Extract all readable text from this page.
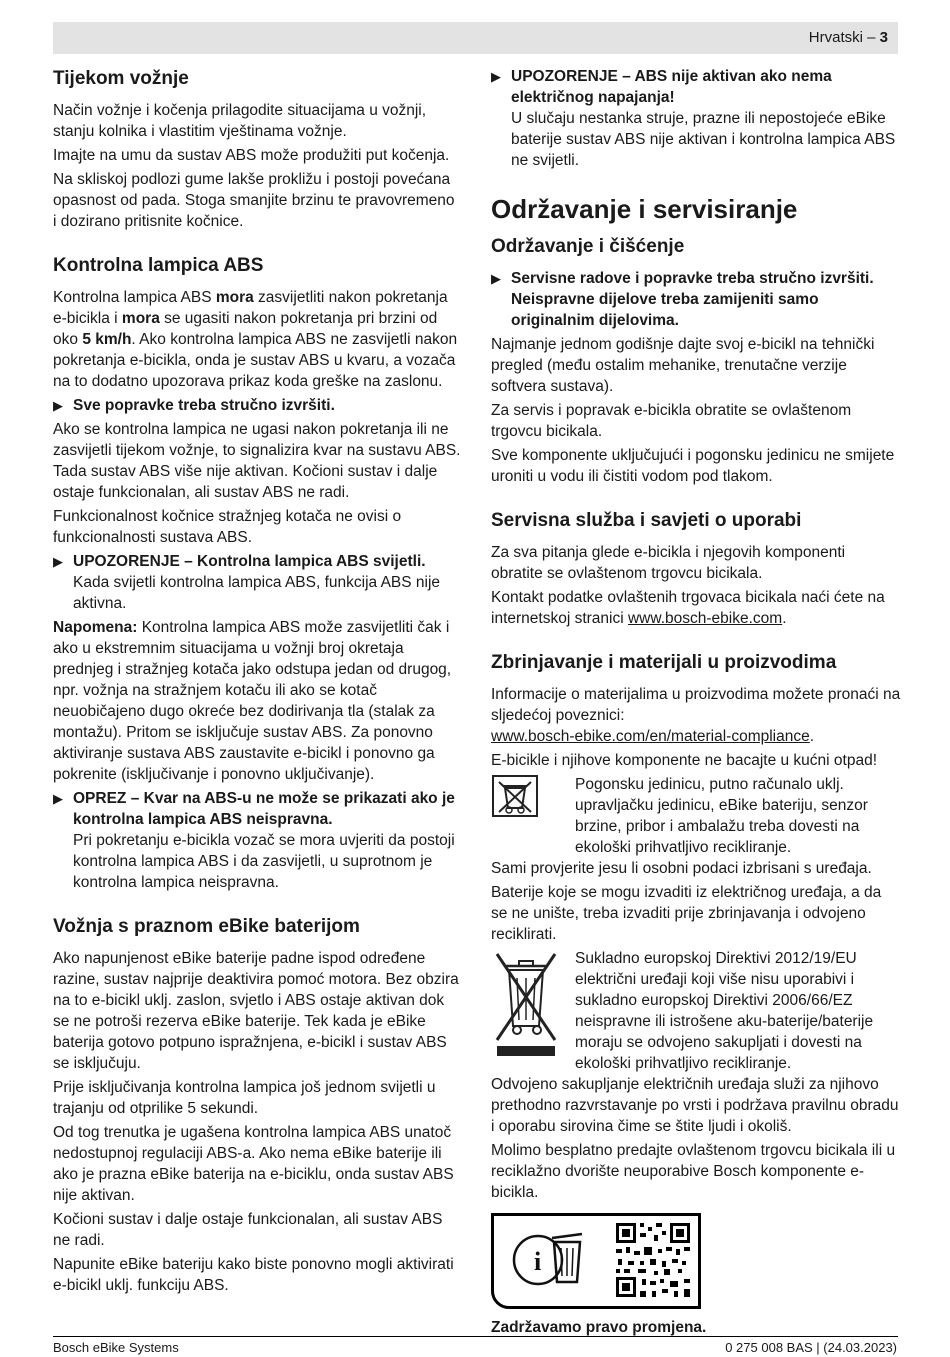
Hrvatski – 3
Tijekom vožnje

Način vožnje i kočenja prilagodite situacijama u vožnji, stanju kolnika i vlastitim vještinama vožnje.

Imajte na umu da sustav ABS može produžiti put kočenja.

Na skliskoj podlozi gume lakše prokližu i postoji povećana opasnost od pada. Stoga smanjite brzinu te pravovremeno i dozirano pritisnite kočnice.

Kontrolna lampica ABS

Kontrolna lampica ABS mora zasvijetliti nakon pokretanja e-bicikla i mora se ugasiti nakon pokretanja pri brzini od oko 5 km/h. Ako kontrolna lampica ABS ne zasvijetli nakon pokretanja e-bicikla, onda je sustav ABS u kvaru, a vozača na to dodatno upozorava prikaz koda greške na zaslonu.

▶ Sve popravke treba stručno izvršiti.

Ako se kontrolna lampica ne ugasi nakon pokretanja ili ne zasvijetli tijekom vožnje, to signalizira kvar na sustavu ABS. Tada sustav ABS više nije aktivan. Kočioni sustav i dalje ostaje funkcionalan, ali sustav ABS ne radi.

Funkcionalnost kočnice stražnjeg kotača ne ovisi o funkcionalnosti sustava ABS.

▶ UPOZORENJE – Kontrolna lampica ABS svijetli.
Kada svijetli kontrolna lampica ABS, funkcija ABS nije aktivna.

Napomena: Kontrolna lampica ABS može zasvijetliti čak i ako u ekstremnim situacijama u vožnji broj okretaja prednjeg i stražnjeg kotača jako odstupa jedan od drugog, npr. vožnja na stražnjem kotaču ili ako se kotač neuobičajeno dugo okreće bez dodirivanja tla (stalak za montažu). Pritom se isključuje sustav ABS. Za ponovno aktiviranje sustava ABS zaustavite e-bicikl i ponovno ga pokrenite (isključivanje i ponovno uključivanje).

▶ OPREZ – Kvar na ABS-u ne može se prikazati ako je kontrolna lampica ABS neispravna.
Pri pokretanju e-bicikla vozač se mora uvjeriti da postoji kontrolna lampica ABS i da zasvijetli, u suprotnom je kontrolna lampica neispravna.
Vožnja s praznom eBike baterijom

Ako napunjenost eBike baterije padne ispod određene razine, sustav najprije deaktivira pomoć motora. Bez obzira na to e-bicikl uklj. zaslon, svjetlo i ABS ostaje aktivan dok se ne potroši rezerva eBike baterije. Tek kada je eBike baterija gotovo potpuno ispražnjena, e-bicikl i sustav ABS se isključuju.

Prije isključivanja kontrolna lampica još jednom svijetli u trajanju od otprilike 5 sekundi.

Od tog trenutka je ugašena kontrolna lampica ABS unatoč nedostupnoj regulaciji ABS-a. Ako nema eBike baterije ili ako je prazna eBike baterija na e-biciklu, onda sustav ABS nije aktivan.

Kočioni sustav i dalje ostaje funkcionalan, ali sustav ABS ne radi.

Napunite eBike bateriju kako biste ponovno mogli aktivirati e-bicikl uklj. funkciju ABS.

▶ UPOZORENJE – ABS nije aktivan ako nema električnog napajanja!
U slučaju nestanka struje, prazne ili nepostojeće eBike baterije sustav ABS nije aktivan i kontrolna lampica ABS ne svijetli.
Održavanje i servisiranje
Održavanje i čišćenje
▶ Servisne radove i popravke treba stručno izvršiti. Neispravne dijelove treba zamijeniti samo originalnim dijelovima.

Najmanje jednom godišnje dajte svoj e-bicikl na tehnički pregled (među ostalim mehanike, trenutačne verzije softvera sustava).

Za servis i popravak e-bicikla obratite se ovlaštenom trgovcu bicikala.

Sve komponente uključujući i pogonsku jedinicu ne smijete uroniti u vodu ili čistiti vodom pod tlakom.

Servisna služba i savjeti o uporabi

Za sva pitanja glede e-bicikla i njegovih komponenti obratite se ovlaštenom trgovcu bicikala.

Kontakt podatke ovlaštenih trgovaca bicikala naći ćete na internetskoj stranici www.bosch-ebike.com.

Zbrinjavanje i materijali u proizvodima

Informacije o materijalima u proizvodima možete pronaći na sljedećoj poveznici:
www.bosch-ebike.com/en/material-compliance.

E-bicikle i njihove komponente ne bacajte u kućni otpad!

Pogonsku jedinicu, putno računalo uklj. upravljačku jedinicu, eBike bateriju, senzor brzine, pribor i ambalažu treba dovesti na ekološki prihvatljivo recikliranje.

Sami provjerite jesu li osobni podaci izbrisani s uređaja.

Baterije koje se mogu izvaditi iz električnog uređaja, a da se ne unište, treba izvaditi prije zbrinjavanja i odvojeno reciklirati.

Sukladno europskoj Direktivi 2012/19/EU električni uređaji koji više nisu uporabivi i sukladno europskoj Direktivi 2006/66/EZ neispravne ili istrošene aku-baterije/baterije moraju se odvojeno sakupljati i dovesti na ekološki prihvatljivo recikliranje.

Odvojeno sakupljanje električnih uređaja služi za njihovo prethodno razvrstavanje po vrsti i podržava pravilnu obradu i oporabu sirovina čime se štite ljudi i okoliš.

Molimo besplatno predajte ovlaštenom trgovcu bicikala ili u reciklažno dvorište neuporabive Bosch komponente e-bicikla.

i

Zadržavamo pravo promjena.

Bosch eBike Systems	0 275 008 BAS | (24.03.2023)
